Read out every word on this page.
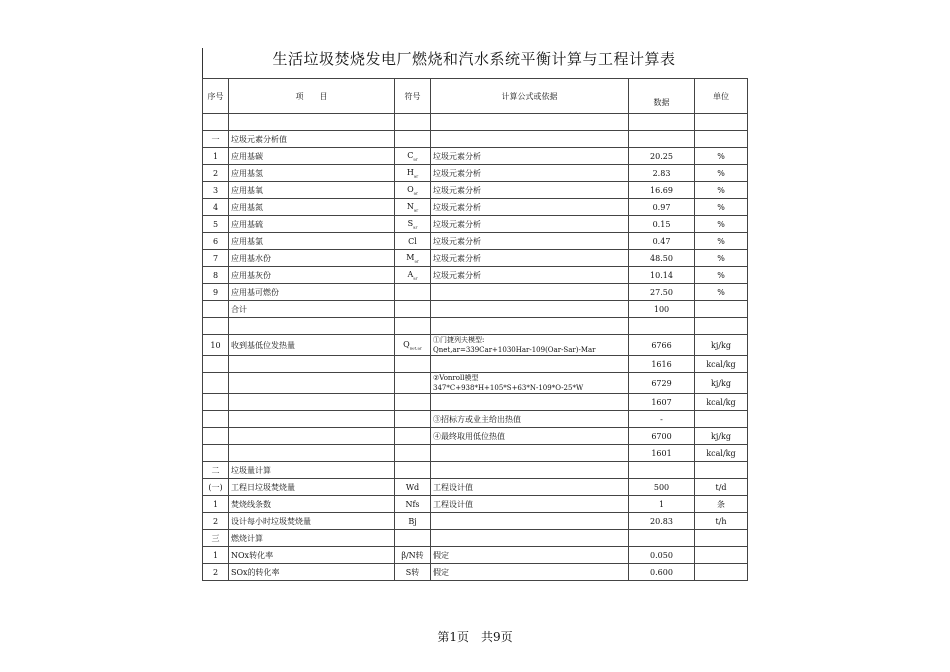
生活垃圾焚烧发电厂燃烧和汽水系统平衡计算与工程计算表
序号	项　　目	符号	计算公式或依据	数据	单位

一	垃圾元素分析值				
1	应用基碳	$C_{ar}$	垃圾元素分析	20.25	%
2	应用基氢	$H_{ar}$	垃圾元素分析	2.83	%
3	应用基氧	$O_{ar}$	垃圾元素分析	16.69	%
4	应用基氮	$N_{ar}$	垃圾元素分析	0.97	%
5	应用基硫	$S_{ar}$	垃圾元素分析	0.15	%
6	应用基氯	Cl	垃圾元素分析	0.47	%
7	应用基水份	$M_{ar}$	垃圾元素分析	48.50	%
8	应用基灰份	$A_{ar}$	垃圾元素分析	10.14	%
9	应用基可燃份			27.50	%
	合计			100	

10	收到基低位发热量	$Q_{net,ar}$	①门捷列夫模型:
Qnet,ar=339Car+1030Har-109(Oar-Sar)-Mar	6766	kj/kg
				1616	kcal/kg

			②Vonroll模型
347*C+938*H+105*S+63*N-109*O-25*W	6729	kj/kg
				1607	kcal/kg
			③招标方或业主给出热值	-	
			④最终取用低位热值	6700	kj/kg
				1601	kcal/kg
二	垃圾量计算				
(一)	工程日垃圾焚烧量	Wd	工程设计值	500	t/d
1	焚烧线条数	Nfs	工程设计值	1	条
2	设计每小时垃圾焚烧量	Bj		20.83	t/h
三	燃烧计算				
1	NOx转化率	β/N转	假定	0.050	
2	SOx的转化率	S转	假定	0.600	
第1页　共9页
